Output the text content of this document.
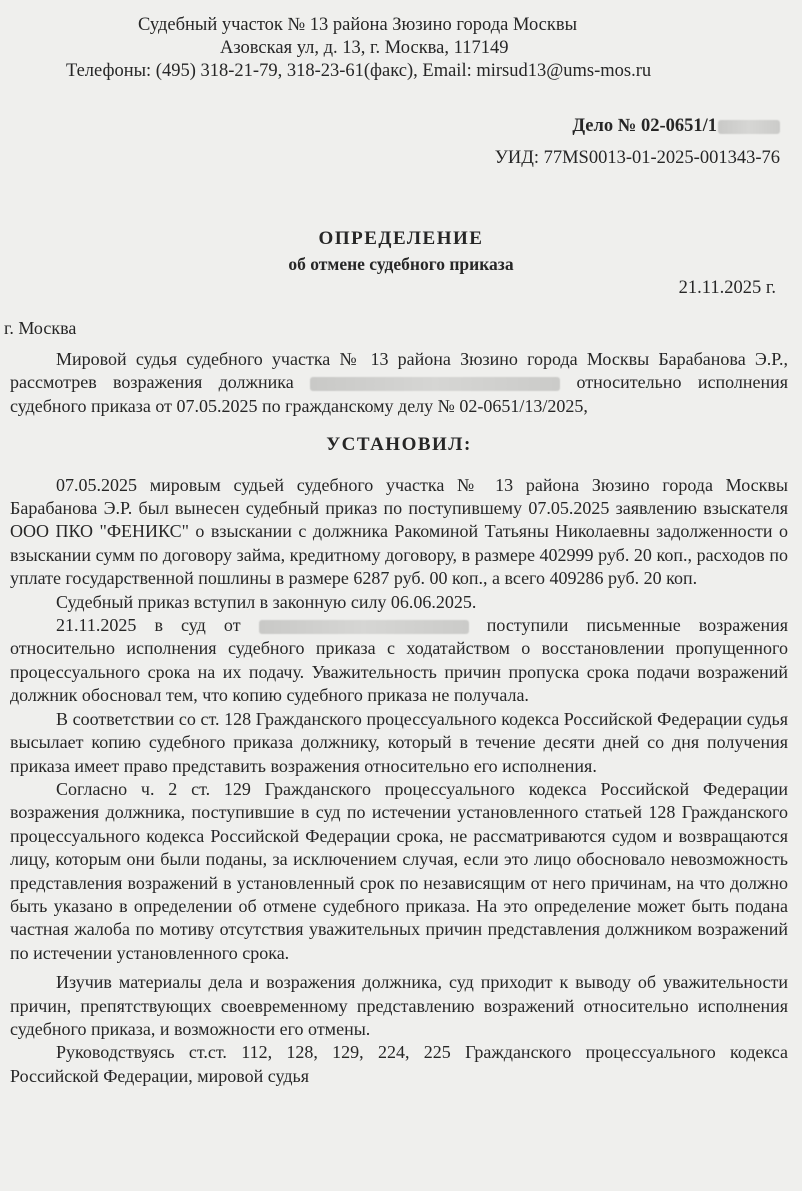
Судебный участок № 13 района Зюзино города Москвы
Азовская ул, д. 13, г. Москва, 117149
Телефоны: (495) 318-21-79, 318-23-61(факс), Email: mirsud13@ums-mos.ru
Дело № 02-0651/1
УИД: 77MS0013-01-2025-001343-76
ОПРЕДЕЛЕНИЕ
об отмене судебного приказа
21.11.2025 г.
г. Москва

Мировой судья судебного участка № 13 района Зюзино города Москвы Барабанова Э.Р., рассмотрев возражения должника	относительно исполнения судебного приказа от 07.05.2025 по гражданскому делу № 02-0651/13/2025,

УСТАНОВИЛ:

07.05.2025 мировым судьей судебного участка № 13 района Зюзино города Москвы Барабанова Э.Р. был вынесен судебный приказ по поступившему 07.05.2025 заявлению взыскателя ООО ПКО "ФЕНИКС" о взыскании с должника Ракоминой Татьяны Николаевны задолженности о взыскании сумм по договору займа, кредитному договору, в размере 402999 руб. 20 коп., расходов по уплате государственной пошлины в размере 6287 руб. 00 коп., а всего 409286 руб. 20 коп.

Судебный приказ вступил в законную силу 06.06.2025.

21.11.2025 в суд от	поступили письменные возражения относительно исполнения судебного приказа с ходатайством о восстановлении пропущенного процессуального срока на их подачу. Уважительность причин пропуска срока подачи возражений должник обосновал тем, что копию судебного приказа не получала.

В соответствии со ст. 128 Гражданского процессуального кодекса Российской Федерации судья высылает копию судебного приказа должнику, который в течение десяти дней со дня получения приказа имеет право представить возражения относительно его исполнения.

Согласно ч. 2 ст. 129 Гражданского процессуального кодекса Российской Федерации возражения должника, поступившие в суд по истечении установленного статьей 128 Гражданского процессуального кодекса Российской Федерации срока, не рассматриваются судом и возвращаются лицу, которым они были поданы, за исключением случая, если это лицо обосновало невозможность представления возражений в установленный срок по независящим от него причинам, на что должно быть указано в определении об отмене судебного приказа. На это определение может быть подана частная жалоба по мотиву отсутствия уважительных причин представления должником возражений по истечении установленного срока.

Изучив материалы дела и возражения должника, суд приходит к выводу об уважительности причин, препятствующих своевременному представлению возражений относительно исполнения судебного приказа, и возможности его отмены.

Руководствуясь ст.ст. 112, 128, 129, 224, 225 Гражданского процессуального кодекса Российской Федерации, мировой судья
